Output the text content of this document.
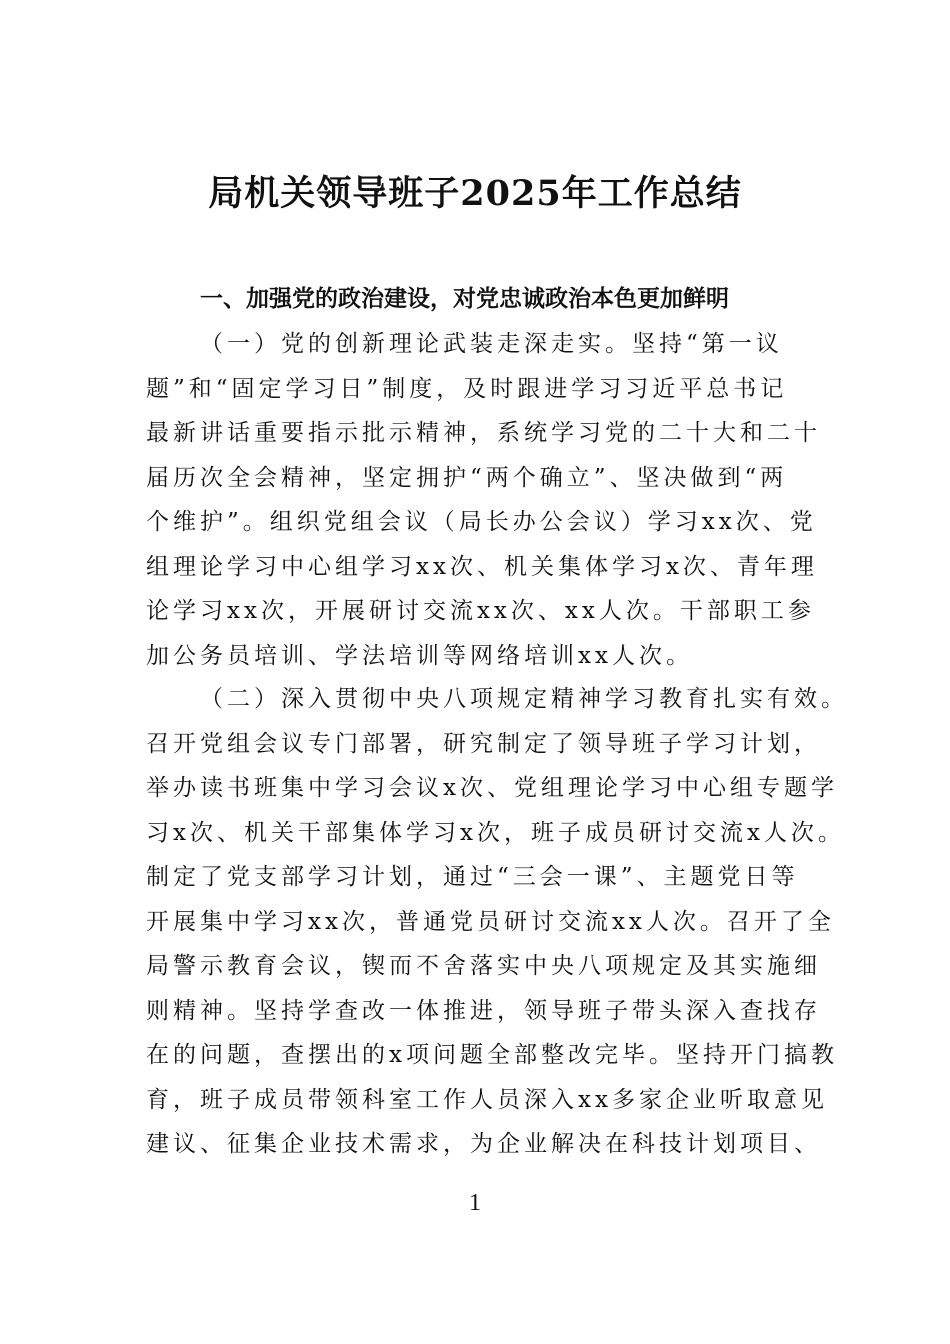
局机关领导班子2025年工作总结
一、加强党的政治建设，对党忠诚政治本色更加鲜明
（一）党的创新理论武装走深走实。坚持“第一议
题”和“固定学习日”制度，及时跟进学习习近平总书记
最新讲话重要指示批示精神，系统学习党的二十大和二十
届历次全会精神，坚定拥护“两个确立”、坚决做到“两
个维护”。组织党组会议（局长办公会议）学习xx次、党
组理论学习中心组学习xx次、机关集体学习x次、青年理
论学习xx次，开展研讨交流xx次、xx人次。干部职工参
加公务员培训、学法培训等网络培训xx人次。
（二）深入贯彻中央八项规定精神学习教育扎实有效。
召开党组会议专门部署，研究制定了领导班子学习计划，
举办读书班集中学习会议x次、党组理论学习中心组专题学
习x次、机关干部集体学习x次，班子成员研讨交流x人次。
制定了党支部学习计划，通过“三会一课”、主题党日等
开展集中学习xx次，普通党员研讨交流xx人次。召开了全
局警示教育会议，锲而不舍落实中央八项规定及其实施细
则精神。坚持学查改一体推进，领导班子带头深入查找存
在的问题，查摆出的x项问题全部整改完毕。坚持开门搞教
育，班子成员带领科室工作人员深入xx多家企业听取意见
建议、征集企业技术需求，为企业解决在科技计划项目、
1
